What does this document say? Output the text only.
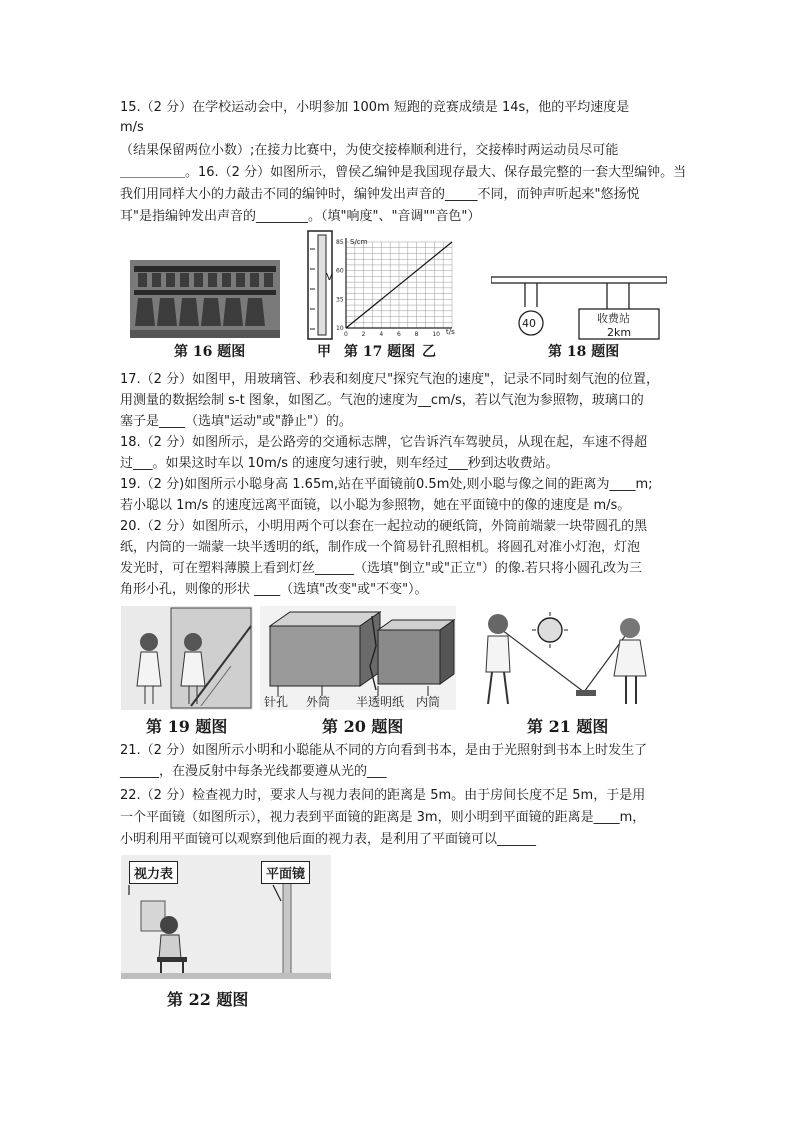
15.（2 分）在学校运动会中，小明参加 100m 短跑的竞赛成绩是 14s，他的平均速度是
m/s
（结果保留两位小数）;在接力比赛中，为使交接棒顺利进行，交接棒时两运动员尽可能
＿＿＿＿＿。16.（2 分）如图所示，曾侯乙编钟是我国现存最大、保存最完整的一套大型编钟。当
我们用同样大小的力敲击不同的编钟时，编钟发出声音的_____不同，而钟声听起来"悠扬悦
耳"是指编钟发出声音的________。（填"响度"、"音调""音色"）
第 16 题图
V
0 2 4 6 8 10
10
35
60
85 S/cm
t/s
甲 第 17 题图 乙
40	收费站
2km
第 18 题图
17.（2 分）如图甲，用玻璃管、秒表和刻度尺"探究气泡的速度"，记录不同时刻气泡的位置，
用测量的数据绘制 s-t 图象，如图乙。气泡的速度为__cm/s，若以气泡为参照物，玻璃口的
塞子是____（选填"运动"或"静止"）的。
18.（2 分）如图所示，是公路旁的交通标志牌，它告诉汽车驾驶员，从现在起，车速不得超
过___。如果这时车以 10m/s 的速度匀速行驶，则车经过___秒到达收费站。
19.（2 分)如图所示小聪身高 1.65m,站在平面镜前0.5m处,则小聪与像之间的距离为____m;
若小聪以 1m/s 的速度远离平面镜，以小聪为参照物，她在平面镜中的像的速度是 m/s。
20.（2 分）如图所示，小明用两个可以套在一起拉动的硬纸筒，外筒前端蒙一块带圆孔的黑
纸，内筒的一端蒙一块半透明的纸，制作成一个简易针孔照相机。将圆孔对准小灯泡，灯泡
发光时，可在塑料薄膜上看到灯丝______（选填"倒立"或"正立"）的像.若只将小圆孔改为三
角形小孔，则像的形状 ____（选填"改变"或"不变"）。
第 19 题图
针孔 外筒 半透明纸 内筒
第 20 题图	第 21 题图
21.（2 分）如图所示小明和小聪能从不同的方向看到书本，是由于光照射到书本上时发生了
______，在漫反射中每条光线都要遵从光的___
22.（2 分）检查视力时，要求人与视力表间的距离是 5m。由于房间长度不足 5m，于是用
一个平面镜（如图所示），视力表到平面镜的距离是 3m，则小明到平面镜的距离是____m，
小明利用平面镜可以观察到他后面的视力表，是利用了平面镜可以______
视力表	平面镜
第 22 题图
